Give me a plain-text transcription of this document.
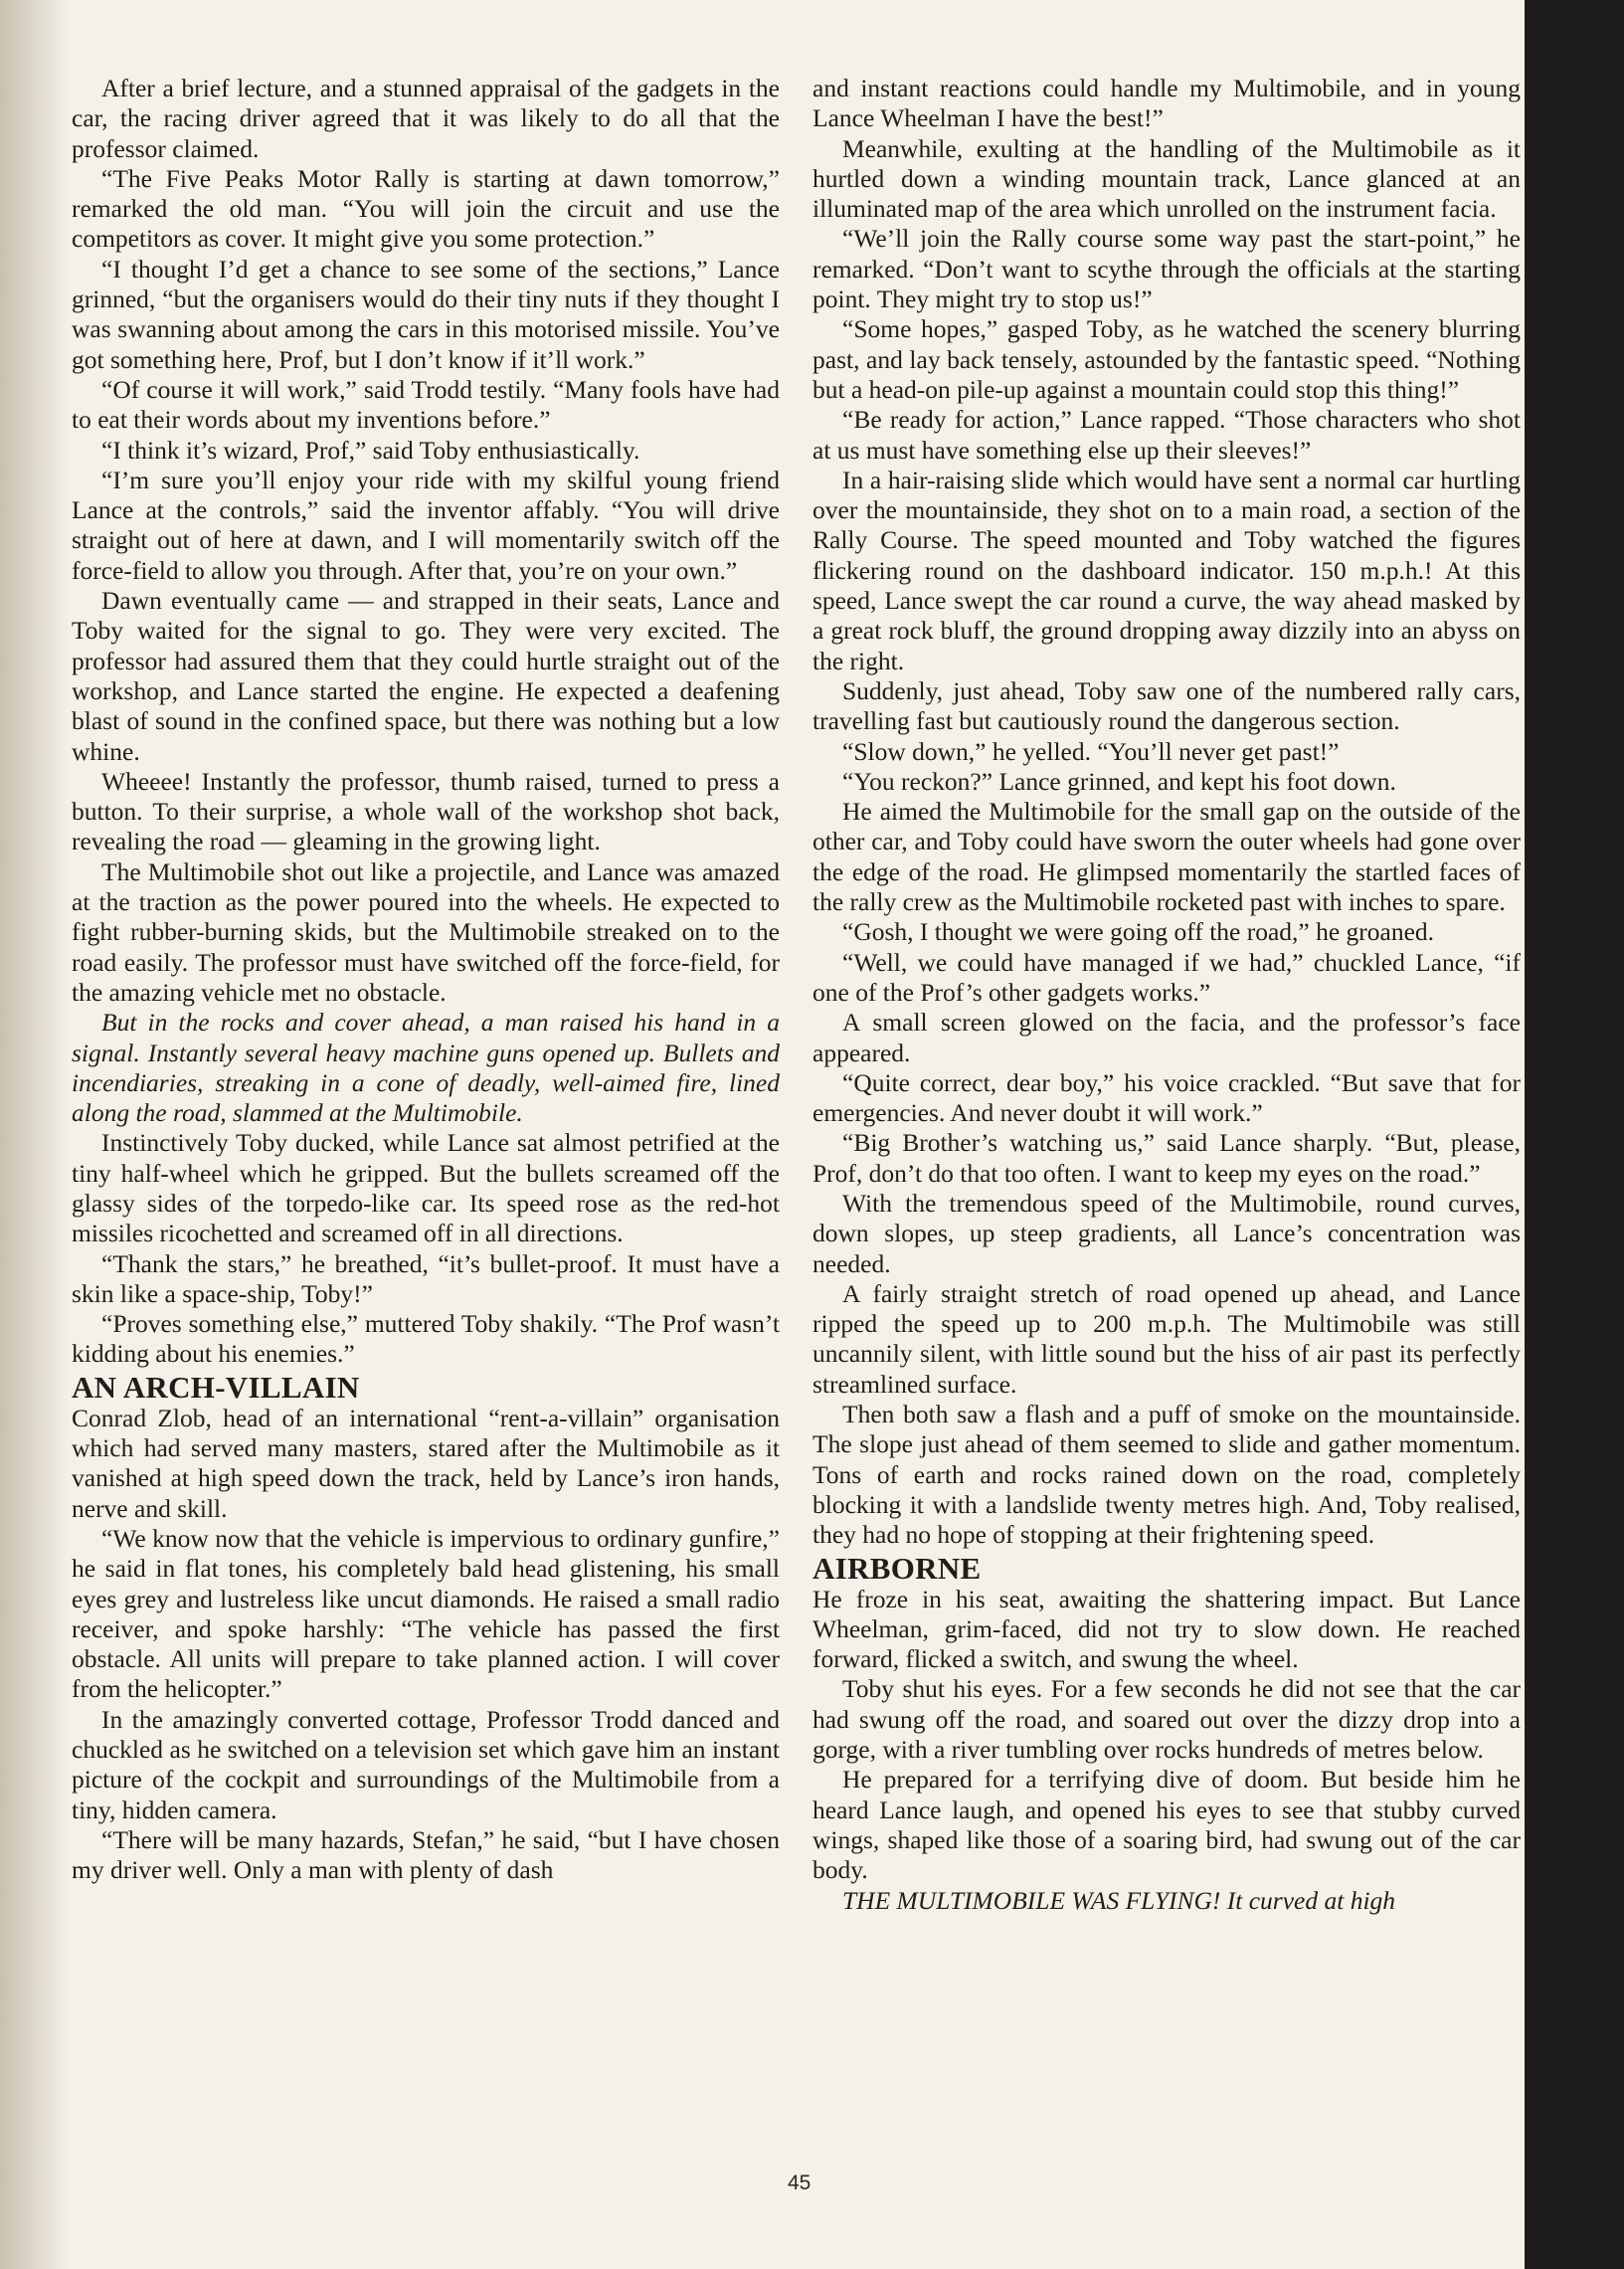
After a brief lecture, and a stunned appraisal of the gadgets in the car, the racing driver agreed that it was likely to do all that the professor claimed.

“The Five Peaks Motor Rally is starting at dawn tomorrow,” remarked the old man. “You will join the circuit and use the competitors as cover. It might give you some protection.”

“I thought I’d get a chance to see some of the sections,” Lance grinned, “but the organisers would do their tiny nuts if they thought I was swanning about among the cars in this motorised missile. You’ve got something here, Prof, but I don’t know if it’ll work.”

“Of course it will work,” said Trodd testily. “Many fools have had to eat their words about my inventions before.”

“I think it’s wizard, Prof,” said Toby enthusiastically.

“I’m sure you’ll enjoy your ride with my skilful young friend Lance at the controls,” said the inventor affably. “You will drive straight out of here at dawn, and I will momentarily switch off the force-field to allow you through. After that, you’re on your own.”

Dawn eventually came — and strapped in their seats, Lance and Toby waited for the signal to go. They were very excited. The professor had assured them that they could hurtle straight out of the workshop, and Lance started the engine. He expected a deafening blast of sound in the confined space, but there was nothing but a low whine.

Wheeee! Instantly the professor, thumb raised, turned to press a button. To their surprise, a whole wall of the workshop shot back, revealing the road — gleaming in the growing light.

The Multimobile shot out like a projectile, and Lance was amazed at the traction as the power poured into the wheels. He expected to fight rubber-burning skids, but the Multimobile streaked on to the road easily. The professor must have switched off the force-field, for the amazing vehicle met no obstacle.

But in the rocks and cover ahead, a man raised his hand in a signal. Instantly several heavy machine guns opened up. Bullets and incendiaries, streaking in a cone of deadly, well-aimed fire, lined along the road, slammed at the Multimobile.

Instinctively Toby ducked, while Lance sat almost petrified at the tiny half-wheel which he gripped. But the bullets screamed off the glassy sides of the torpedo-like car. Its speed rose as the red-hot missiles ricochetted and screamed off in all directions.

“Thank the stars,” he breathed, “it’s bullet-proof. It must have a skin like a space-ship, Toby!”

“Proves something else,” muttered Toby shakily. “The Prof wasn’t kidding about his enemies.”

AN ARCH-VILLAIN

Conrad Zlob, head of an international “rent-a-villain” organisation which had served many masters, stared after the Multimobile as it vanished at high speed down the track, held by Lance’s iron hands, nerve and skill.

“We know now that the vehicle is impervious to ordinary gunfire,” he said in flat tones, his completely bald head glistening, his small eyes grey and lustreless like uncut diamonds. He raised a small radio receiver, and spoke harshly: “The vehicle has passed the first obstacle. All units will prepare to take planned action. I will cover from the helicopter.”

In the amazingly converted cottage, Professor Trodd danced and chuckled as he switched on a television set which gave him an instant picture of the cockpit and surroundings of the Multimobile from a tiny, hidden camera.

“There will be many hazards, Stefan,” he said, “but I have chosen my driver well. Only a man with plenty of dash

and instant reactions could handle my Multimobile, and in young Lance Wheelman I have the best!”

Meanwhile, exulting at the handling of the Multimobile as it hurtled down a winding mountain track, Lance glanced at an illuminated map of the area which unrolled on the instrument facia.

“We’ll join the Rally course some way past the start-point,” he remarked. “Don’t want to scythe through the officials at the starting point. They might try to stop us!”

“Some hopes,” gasped Toby, as he watched the scenery blurring past, and lay back tensely, astounded by the fantastic speed. “Nothing but a head-on pile-up against a mountain could stop this thing!”

“Be ready for action,” Lance rapped. “Those characters who shot at us must have something else up their sleeves!”

In a hair-raising slide which would have sent a normal car hurtling over the mountainside, they shot on to a main road, a section of the Rally Course. The speed mounted and Toby watched the figures flickering round on the dashboard indicator. 150 m.p.h.! At this speed, Lance swept the car round a curve, the way ahead masked by a great rock bluff, the ground dropping away dizzily into an abyss on the right.

Suddenly, just ahead, Toby saw one of the numbered rally cars, travelling fast but cautiously round the dangerous section.

“Slow down,” he yelled. “You’ll never get past!”

“You reckon?” Lance grinned, and kept his foot down.

He aimed the Multimobile for the small gap on the outside of the other car, and Toby could have sworn the outer wheels had gone over the edge of the road. He glimpsed momentarily the startled faces of the rally crew as the Multimobile rocketed past with inches to spare.

“Gosh, I thought we were going off the road,” he groaned.

“Well, we could have managed if we had,” chuckled Lance, “if one of the Prof’s other gadgets works.”

A small screen glowed on the facia, and the professor’s face appeared.

“Quite correct, dear boy,” his voice crackled. “But save that for emergencies. And never doubt it will work.”

“Big Brother’s watching us,” said Lance sharply. “But, please, Prof, don’t do that too often. I want to keep my eyes on the road.”

With the tremendous speed of the Multimobile, round curves, down slopes, up steep gradients, all Lance’s concentration was needed.

A fairly straight stretch of road opened up ahead, and Lance ripped the speed up to 200 m.p.h. The Multimobile was still uncannily silent, with little sound but the hiss of air past its perfectly streamlined surface.

Then both saw a flash and a puff of smoke on the mountainside. The slope just ahead of them seemed to slide and gather momentum. Tons of earth and rocks rained down on the road, completely blocking it with a landslide twenty metres high. And, Toby realised, they had no hope of stopping at their frightening speed.

AIRBORNE

He froze in his seat, awaiting the shattering impact. But Lance Wheelman, grim-faced, did not try to slow down. He reached forward, flicked a switch, and swung the wheel.

Toby shut his eyes. For a few seconds he did not see that the car had swung off the road, and soared out over the dizzy drop into a gorge, with a river tumbling over rocks hundreds of metres below.

He prepared for a terrifying dive of doom. But beside him he heard Lance laugh, and opened his eyes to see that stubby curved wings, shaped like those of a soaring bird, had swung out of the car body.

THE MULTIMOBILE WAS FLYING! It curved at high

45
